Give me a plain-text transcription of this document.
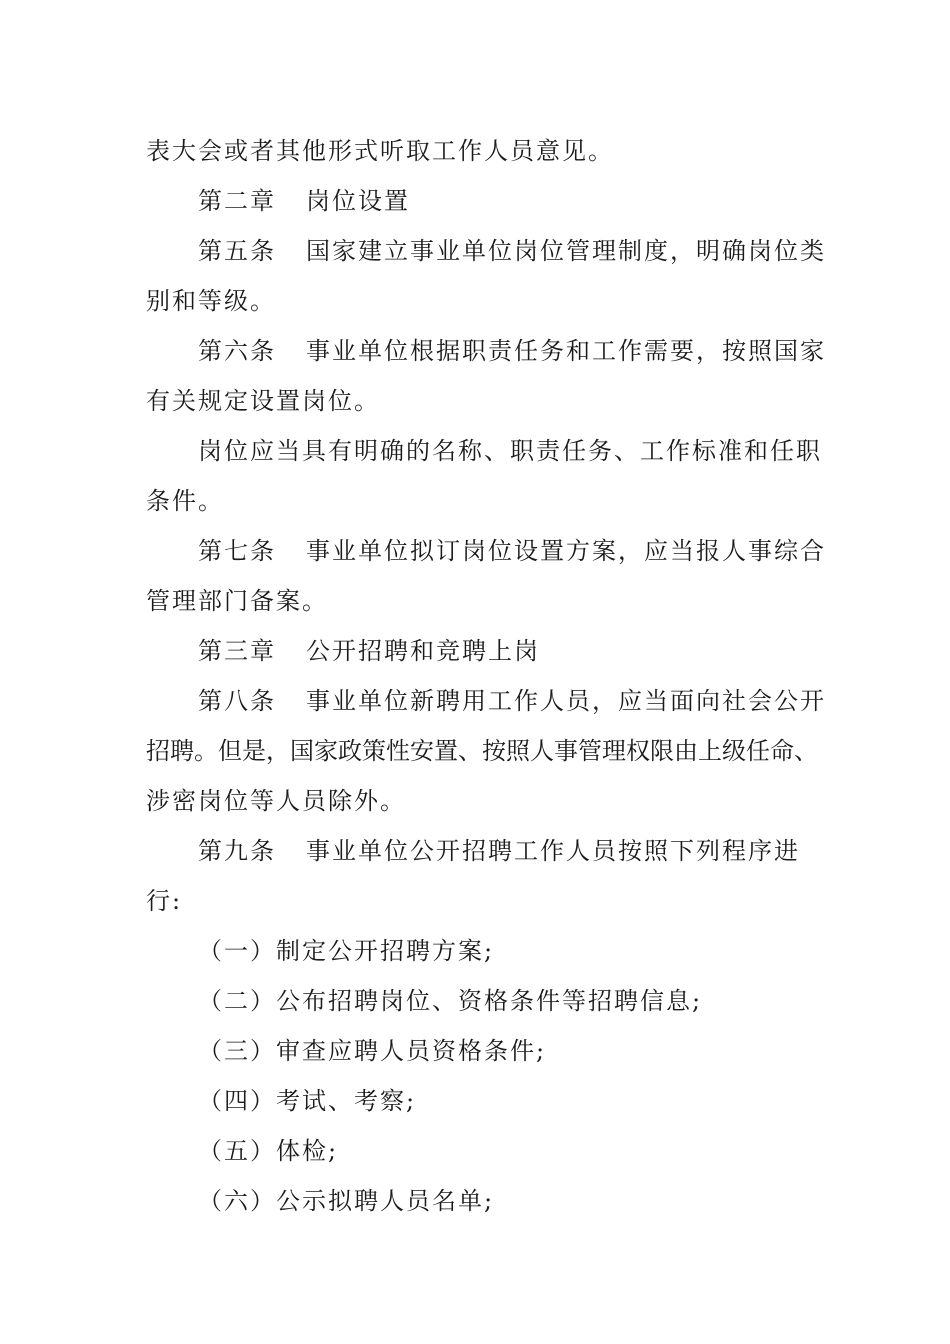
表大会或者其他形式听取工作人员意见。
第二章 岗位设置
第五条 国家建立事业单位岗位管理制度，明确岗位类
别和等级。
第六条 事业单位根据职责任务和工作需要，按照国家
有关规定设置岗位。
岗位应当具有明确的名称、职责任务、工作标准和任职
条件。
第七条 事业单位拟订岗位设置方案，应当报人事综合
管理部门备案。
第三章 公开招聘和竞聘上岗
第八条 事业单位新聘用工作人员，应当面向社会公开
招聘。但是，国家政策性安置、按照人事管理权限由上级任命、
涉密岗位等人员除外。
第九条 事业单位公开招聘工作人员按照下列程序进
行:
（一）制定公开招聘方案;
（二）公布招聘岗位、资格条件等招聘信息;
（三）审查应聘人员资格条件;
（四）考试、考察;
（五）体检;
（六）公示拟聘人员名单;
